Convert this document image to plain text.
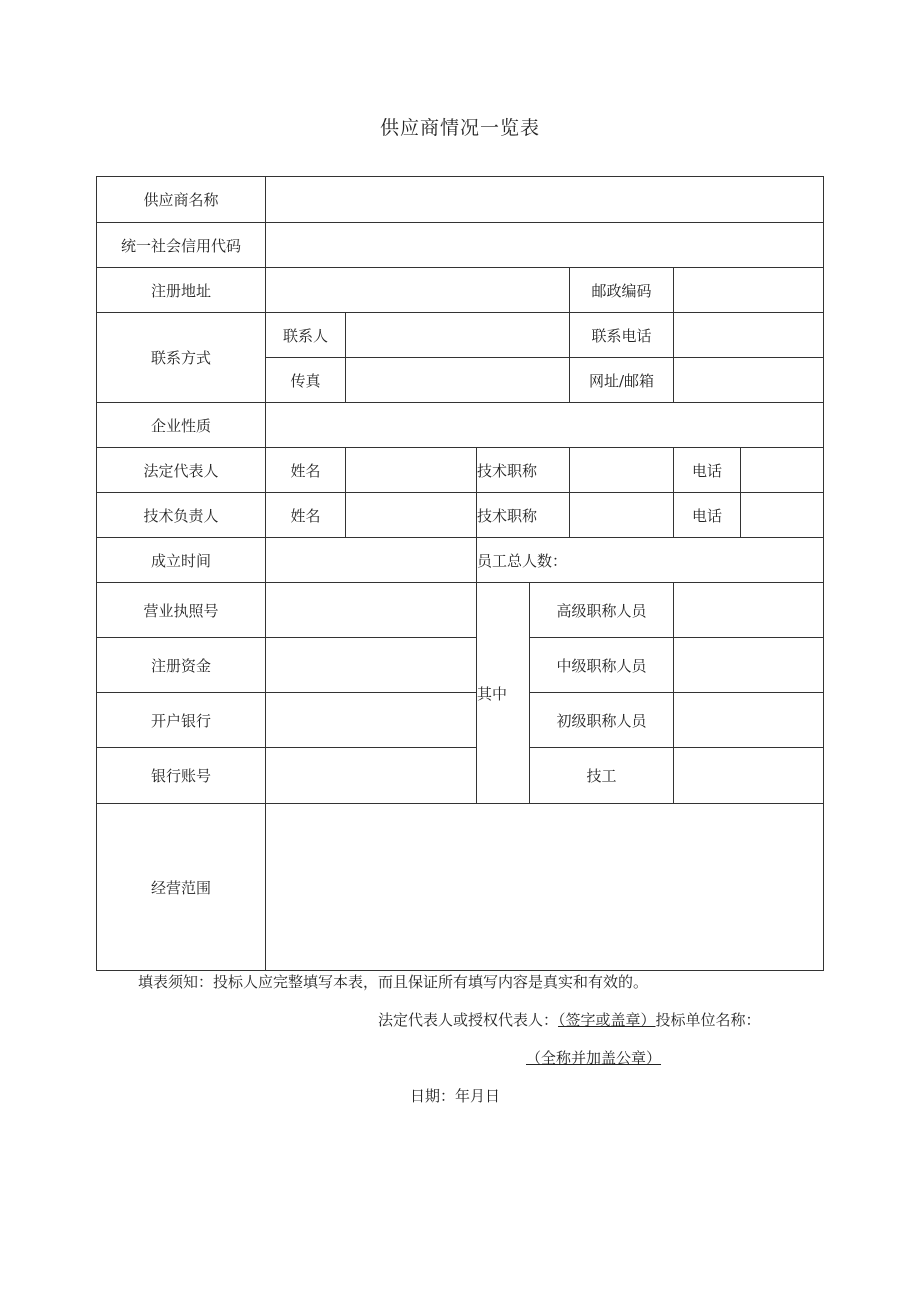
供应商情况一览表
供应商名称							
统一社会信用代码							
注册地址					邮政编码		
联系方式	联系人				联系电话		
	传真				网址/邮箱		
企业性质							
法定代表人	姓名		技术职称			电话	
技术负责人	姓名		技术职称			电话	
成立时间			员工总人数：				
营业执照号			其中	高级职称人员			
注册资金				中级职称人员			
开户银行				初级职称人员			
银行账号				技工			
经营范围							
填表须知：投标人应完整填写本表，而且保证所有填写内容是真实和有效的。
法定代表人或授权代表人：（签字或盖章）投标单位名称：
（全称并加盖公章）
日期：年月日
